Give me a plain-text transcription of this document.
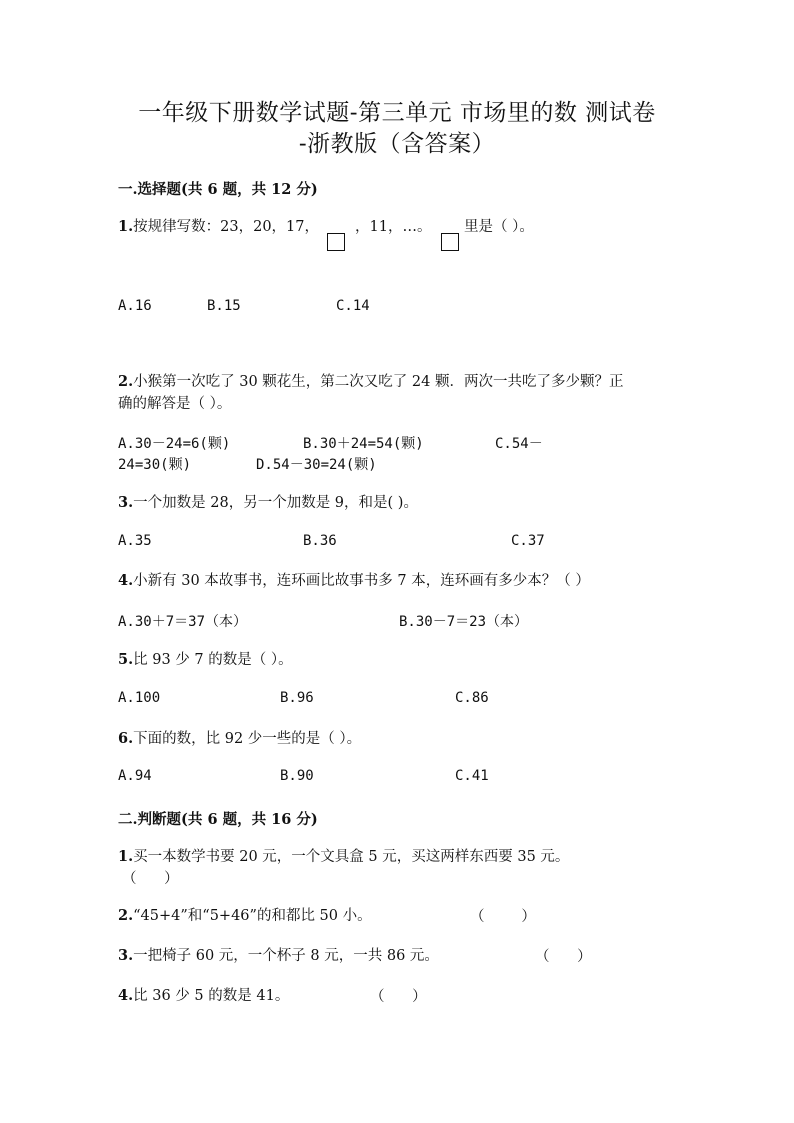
一年级下册数学试题-第三单元 市场里的数 测试卷
-浙教版（含答案）
一.选择题(共 6 题，共 12 分)
1.按规律写数：23，20，17， ，11，…。 里是（ ）。
A.16	B.15	C.14
2.小猴第一次吃了 30 颗花生，第二次又吃了 24 颗．两次一共吃了多少颗？正
确的解答是（ ）。
A.30－24=6(颗)	B.30＋24=54(颗)	C.54－
24=30(颗)	D.54－30=24(颗)
3.一个加数是 28，另一个加数是 9，和是( )。
A.35	B.36	C.37
4.小新有 30 本故事书，连环画比故事书多 7 本，连环画有多少本？（ ）
A.30＋7＝37（本）	B.30－7＝23（本）
5.比 93 少 7 的数是（ ）。
A.100	B.96	C.86
6.下面的数，比 92 少一些的是（ ）。
A.94	B.90	C.41
二.判断题(共 6 题，共 16 分)
1.买一本数学书要 20 元，一个文具盒 5 元，买这两样东西要 35 元。
（      ）
2.“45+4”和“5+46”的和都比 50 小。	（        ）
3.一把椅子 60 元，一个杯子 8 元，一共 86 元。	（      ）
4.比 36 少 5 的数是 41。	（      ）
